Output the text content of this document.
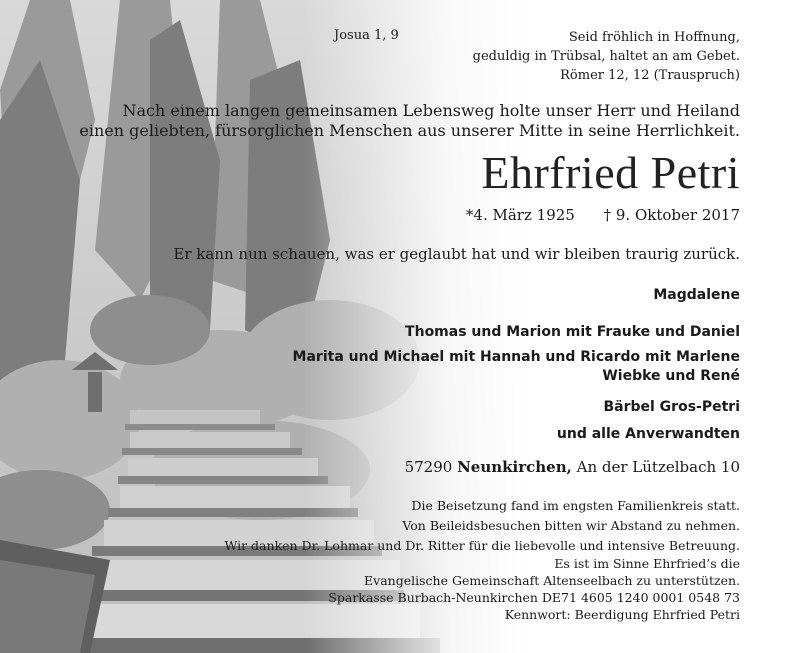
Josua 1, 9	Seid fröhlich in Hoffnung,
geduldig in Trübsal, haltet an am Gebet.
Römer 12, 12 (Trauspruch)
Nach einem langen gemeinsamen Lebensweg holte unser Herr und Heiland
einen geliebten, fürsorglichen Menschen aus unserer Mitte in seine Herrlichkeit.
Ehrfried Petri
*4. März 1925 † 9. Oktober 2017
Er kann nun schauen, was er geglaubt hat und wir bleiben traurig zurück.
Magdalene
Thomas und Marion mit Frauke und Daniel
Marita und Michael mit Hannah und Ricardo mit Marlene
Wiebke und René
Bärbel Gros-Petri
und alle Anverwandten
57290 Neunkirchen, An der Lützelbach 10
Die Beisetzung fand im engsten Familienkreis statt.
Von Beileidsbesuchen bitten wir Abstand zu nehmen.
Wir danken Dr. Lohmar und Dr. Ritter für die liebevolle und intensive Betreuung.
Es ist im Sinne Ehrfried’s die
Evangelische Gemeinschaft Altenseelbach zu unterstützen.
Sparkasse Burbach-Neunkirchen DE71 4605 1240 0001 0548 73
Kennwort: Beerdigung Ehrfried Petri
